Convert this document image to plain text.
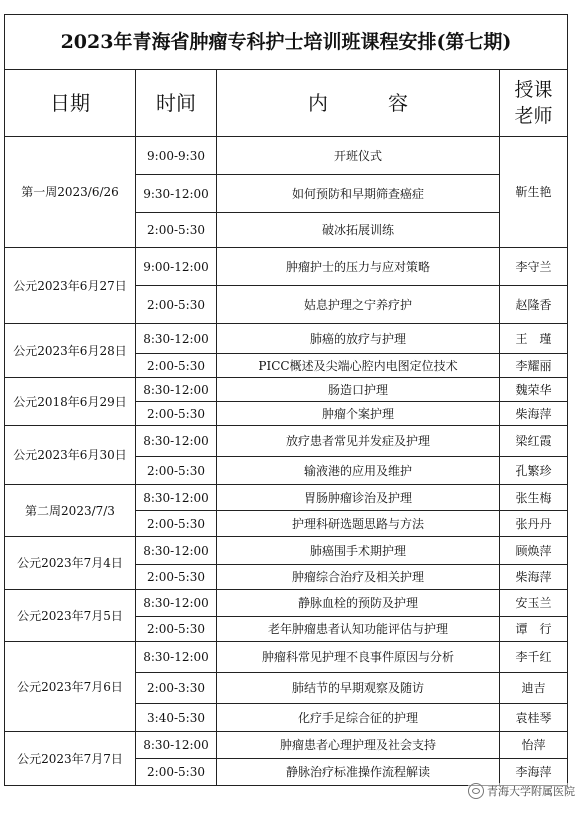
2023年青海省肿瘤专科护士培训班课程安排(第七期)			
日期	时间	内　　　容	授课
老师
第一周2023/6/26	9:00-9:30	开班仪式	靳生艳
	9:30-12:00	如何预防和早期筛查癌症	
	2:00-5:30	破冰拓展训练	
公元2023年6月27日	9:00-12:00	肿瘤护士的压力与应对策略	李守兰
	2:00-5:30	姑息护理之宁养疗护	赵隆香
公元2023年6月28日	8:30-12:00	肺癌的放疗与护理	王　瑾
	2:00-5:30	PICC概述及尖端心腔内电图定位技术	李耀丽
公元2018年6月29日	8:30-12:00	肠造口护理	魏荣华
	2:00-5:30	肿瘤个案护理	柴海萍
公元2023年6月30日	8:30-12:00	放疗患者常见并发症及护理	梁红霞
	2:00-5:30	输液港的应用及维护	孔繁珍
第二周2023/7/3	8:30-12:00	胃肠肿瘤诊治及护理	张生梅
	2:00-5:30	护理科研选题思路与方法	张丹丹
公元2023年7月4日	8:30-12:00	肺癌围手术期护理	顾焕萍
	2:00-5:30	肿瘤综合治疗及相关护理	柴海萍
公元2023年7月5日	8:30-12:00	静脉血栓的预防及护理	安玉兰
	2:00-5:30	老年肿瘤患者认知功能评估与护理	谭　行
公元2023年7月6日	8:30-12:00	肿瘤科常见护理不良事件原因与分析	李千红
	2:00-3:30	肺结节的早期观察及随访	迪吉
	3:40-5:30	化疗手足综合征的护理	袁桂琴
公元2023年7月7日	8:30-12:00	肿瘤患者心理护理及社会支持	怡萍
	2:00-5:30	静脉治疗标准操作流程解读	李海萍
青海大学附属医院
